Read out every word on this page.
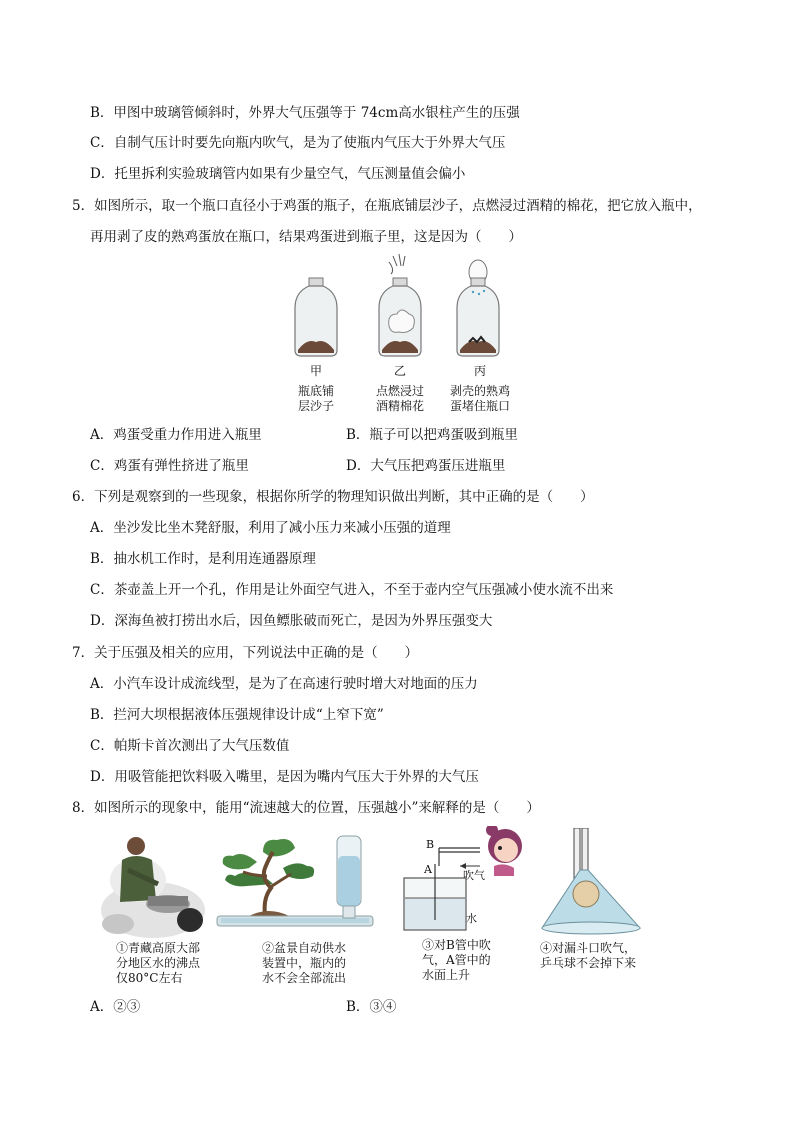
B．甲图中玻璃管倾斜时，外界大气压强等于 74cm高水银柱产生的压强
C．自制气压计时要先向瓶内吹气，是为了使瓶内气压大于外界大气压
D．托里拆利实验玻璃管内如果有少量空气，气压测量值会偏小
5．如图所示，取一个瓶口直径小于鸡蛋的瓶子，在瓶底铺层沙子，点燃浸过酒精的棉花，把它放入瓶中，
再用剥了皮的熟鸡蛋放在瓶口，结果鸡蛋进到瓶子里，这是因为（　　）
甲	乙	丙
瓶底铺
层沙子
点燃浸过
酒精棉花
剥壳的熟鸡
蛋堵住瓶口
A．鸡蛋受重力作用进入瓶里	B．瓶子可以把鸡蛋吸到瓶里
C．鸡蛋有弹性挤进了瓶里	D．大气压把鸡蛋压进瓶里
6．下列是观察到的一些现象，根据你所学的物理知识做出判断，其中正确的是（　　）
A．坐沙发比坐木凳舒服，利用了减小压力来减小压强的道理
B．抽水机工作时，是利用连通器原理
C．茶壶盖上开一个孔，作用是让外面空气进入，不至于壶内空气压强减小使水流不出来
D．深海鱼被打捞出水后，因鱼鳔胀破而死亡，是因为外界压强变大
7．关于压强及相关的应用，下列说法中正确的是（　　）
A．小汽车设计成流线型，是为了在高速行驶时增大对地面的压力
B．拦河大坝根据液体压强规律设计成“上窄下宽”
C．帕斯卡首次测出了大气压数值
D．用吸管能把饮料吸入嘴里，是因为嘴内气压大于外界的大气压
8．如图所示的现象中，能用“流速越大的位置，压强越小”来解释的是（　　）
B
A	吹气
水
①青藏高原大部
分地区水的沸点
仅80°C左右
②盆景自动供水
装置中，瓶内的
水不会全部流出
③对B管中吹
气，A管中的
水面上升
④对漏斗口吹气，
乒乓球不会掉下来
A．②③	B．③④
